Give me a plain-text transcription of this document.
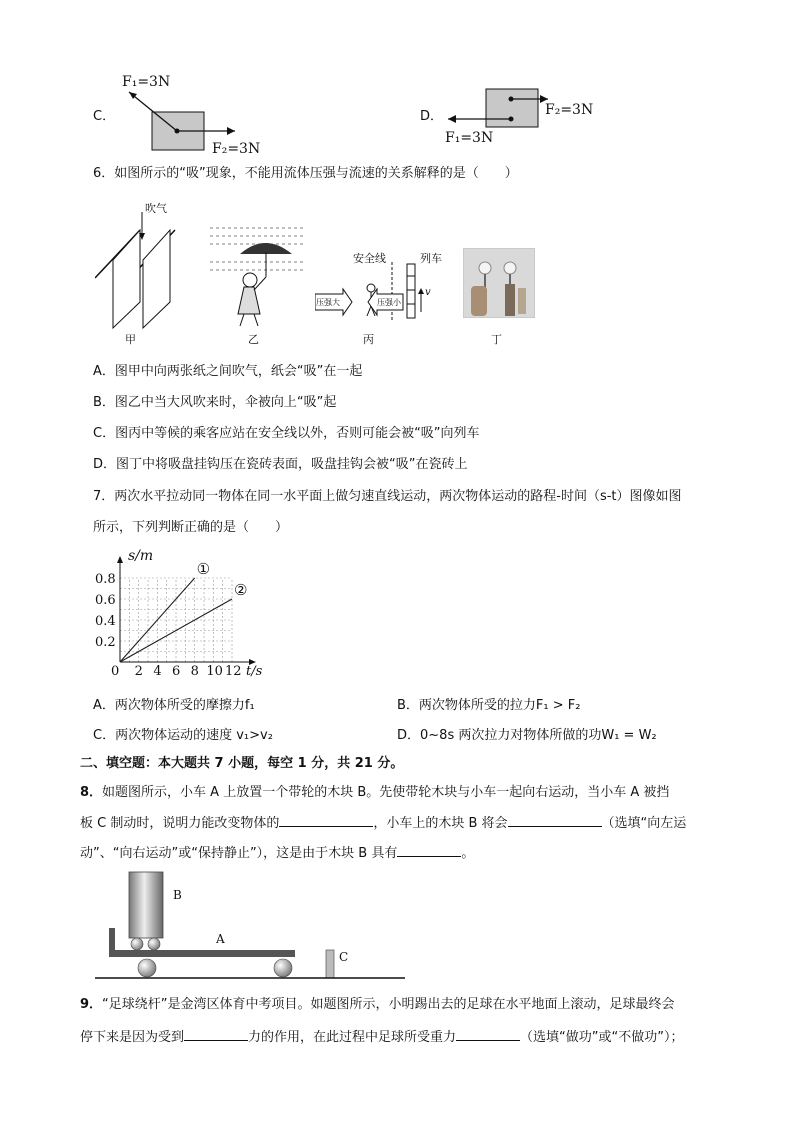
C．
F₁=3N
F₂=3N
D．	F₂=3N
F₁=3N
6．如图所示的“吸”现象，不能用流体压强与流速的关系解释的是（　　）
吹气
甲	乙
安全线	列车
压强大	压强小
v
丙	丁
A．图甲中向两张纸之间吹气，纸会“吸”在一起
B．图乙中当大风吹来时，伞被向上“吸”起
C．图丙中等候的乘客应站在安全线以外，否则可能会被“吸”向列车
D．图丁中将吸盘挂钩压在瓷砖表面，吸盘挂钩会被“吸”在瓷砖上
7．两次水平拉动同一物体在同一水平面上做匀速直线运动，两次物体运动的路程-时间（s-t）图像如图
所示，下列判断正确的是（　　）
0 2 4 6 8 10 12
0.2
0.4
0.6
0.8
t/s
s/m
①
②
A．两次物体所受的摩擦力f₁	B．两次物体所受的拉力F₁ > F₂
C．两次物体运动的速度 v₁>v₂	D．0~8s 两次拉力对物体所做的功W₁ = W₂
二、填空题：本大题共 7 小题，每空 1 分，共 21 分。
8．如题图所示，小车 A 上放置一个带轮的木块 B。先使带轮木块与小车一起向右运动，当小车 A 被挡
板 C 制动时，说明力能改变物体的	，小车上的木块 B 将会	（选填“向左运
动”、“向右运动”或“保持静止”），这是由于木块 B 具有	。
B
A
C
9．“足球绕杆”是金湾区体育中考项目。如题图所示，小明踢出去的足球在水平地面上滚动，足球最终会
停下来是因为受到	力的作用，在此过程中足球所受重力	（选填“做功”或“不做功”）；
